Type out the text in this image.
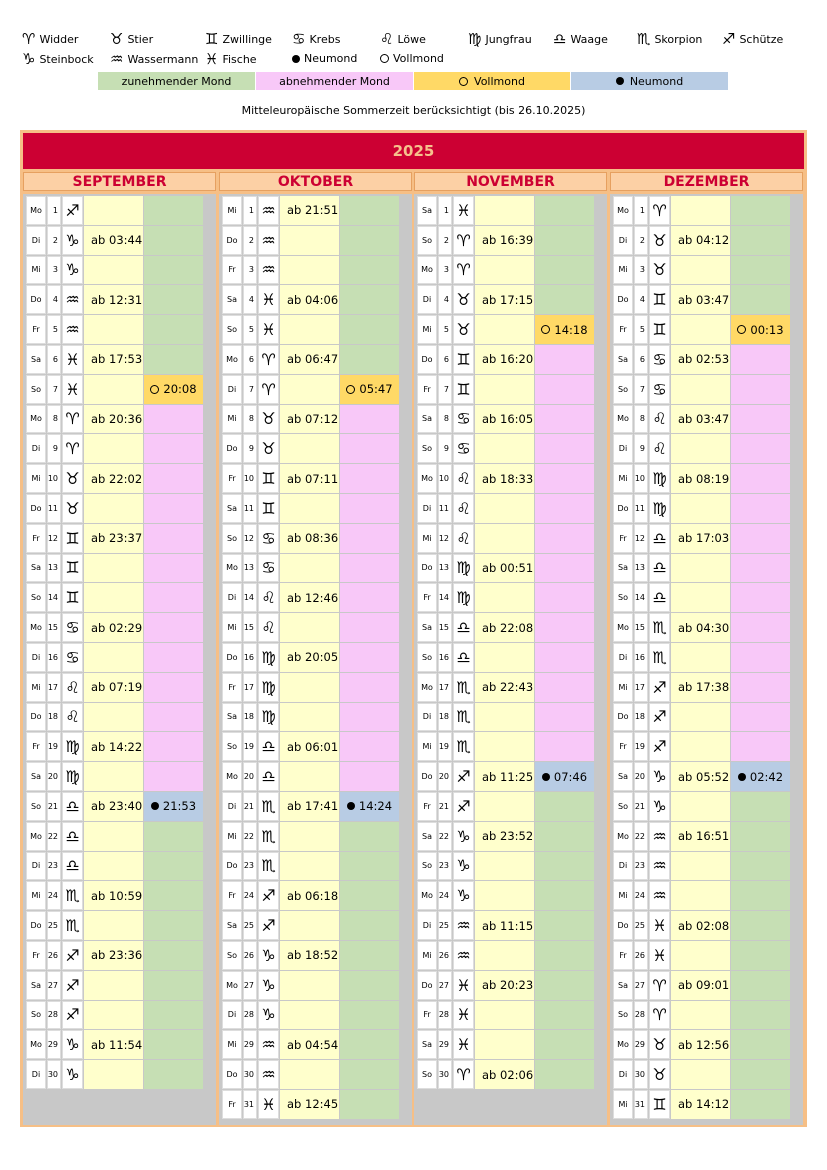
♈ Widder ♉ Stier	♊ Zwillinge ♋ Krebs	♌ Löwe	♍ Jungfrau ♎ Waage ♏ Skorpion ♐ Schütze
♑ Steinbock ♒ Wassermann ♓ Fische	Neumond	Vollmond
zunehmender Mond	abnehmender Mond	Vollmond	Neumond
Mitteleuropäische Sommerzeit berücksichtigt (bis 26.10.2025)
2025
SEPTEMBER
Mo	1 ♐
Di	2 ♑ ab 03:44
Mi	3 ♑
Do	4 ♒ ab 12:31
Fr	5 ♒
Sa	6 ♓ ab 17:53
So	7 ♓	20:08
Mo	8 ♈ ab 20:36
Di	9 ♈
Mi 10 ♉ ab 22:02
Do 11 ♉
Fr	12 ♊ ab 23:37
Sa 13 ♊
So 14 ♊
Mo 15 ♋ ab 02:29
Di 16 ♋
Mi 17 ♌ ab 07:19
Do 18 ♌
Fr	19 ♍ ab 14:22
Sa 20 ♍
So 21 ♎ ab 23:40 21:53
Mo 22 ♎
Di 23 ♎
Mi 24 ♏ ab 10:59
Do 25 ♏
Fr	26 ♐ ab 23:36
Sa 27 ♐
So 28 ♐
Mo 29 ♑ ab 11:54
Di 30 ♑
OKTOBER
Mi	1 ♒ ab 21:51
Do	2 ♒
Fr	3 ♒
Sa	4 ♓ ab 04:06
So	5 ♓
Mo	6 ♈ ab 06:47
Di	7 ♈	05:47
Mi	8 ♉ ab 07:12
Do	9 ♉
Fr	10 ♊ ab 07:11
Sa 11 ♊
So 12 ♋ ab 08:36
Mo 13 ♋
Di 14 ♌ ab 12:46
Mi 15 ♌
Do 16 ♍ ab 20:05
Fr	17 ♍
Sa 18 ♍
So 19 ♎ ab 06:01
Mo 20 ♎
Di 21 ♏ ab 17:41 14:24
Mi 22 ♏
Do 23 ♏
Fr	24 ♐ ab 06:18
Sa 25 ♐
So 26 ♑ ab 18:52
Mo 27 ♑
Di 28 ♑
Mi 29 ♒ ab 04:54
Do 30 ♒
Fr	31 ♓ ab 12:45
NOVEMBER
Sa	1 ♓
So	2 ♈ ab 16:39
Mo	3 ♈
Di	4 ♉ ab 17:15
Mi	5 ♉	14:18
Do	6 ♊ ab 16:20
Fr	7 ♊
Sa	8 ♋ ab 16:05
So	9 ♋
Mo 10 ♌ ab 18:33
Di 11 ♌
Mi 12 ♌
Do 13 ♍ ab 00:51
Fr	14 ♍
Sa 15 ♎ ab 22:08
So 16 ♎
Mo 17 ♏ ab 22:43
Di 18 ♏
Mi 19 ♏
Do 20 ♐ ab 11:25 07:46
Fr	21 ♐
Sa 22 ♑ ab 23:52
So 23 ♑
Mo 24 ♑
Di 25 ♒ ab 11:15
Mi 26 ♒
Do 27 ♓ ab 20:23
Fr	28 ♓
Sa 29 ♓
So 30 ♈ ab 02:06
DEZEMBER
Mo	1 ♈
Di	2 ♉ ab 04:12
Mi	3 ♉
Do	4 ♊ ab 03:47
Fr	5 ♊	00:13
Sa	6 ♋ ab 02:53
So	7 ♋
Mo	8 ♌ ab 03:47
Di	9 ♌
Mi 10 ♍ ab 08:19
Do 11 ♍
Fr	12 ♎ ab 17:03
Sa 13 ♎
So 14 ♎
Mo 15 ♏ ab 04:30
Di 16 ♏
Mi 17 ♐ ab 17:38
Do 18 ♐
Fr	19 ♐
Sa 20 ♑ ab 05:52 02:42
So 21 ♑
Mo 22 ♒ ab 16:51
Di 23 ♒
Mi 24 ♒
Do 25 ♓ ab 02:08
Fr	26 ♓
Sa 27 ♈ ab 09:01
So 28 ♈
Mo 29 ♉ ab 12:56
Di 30 ♉
Mi 31 ♊ ab 14:12
